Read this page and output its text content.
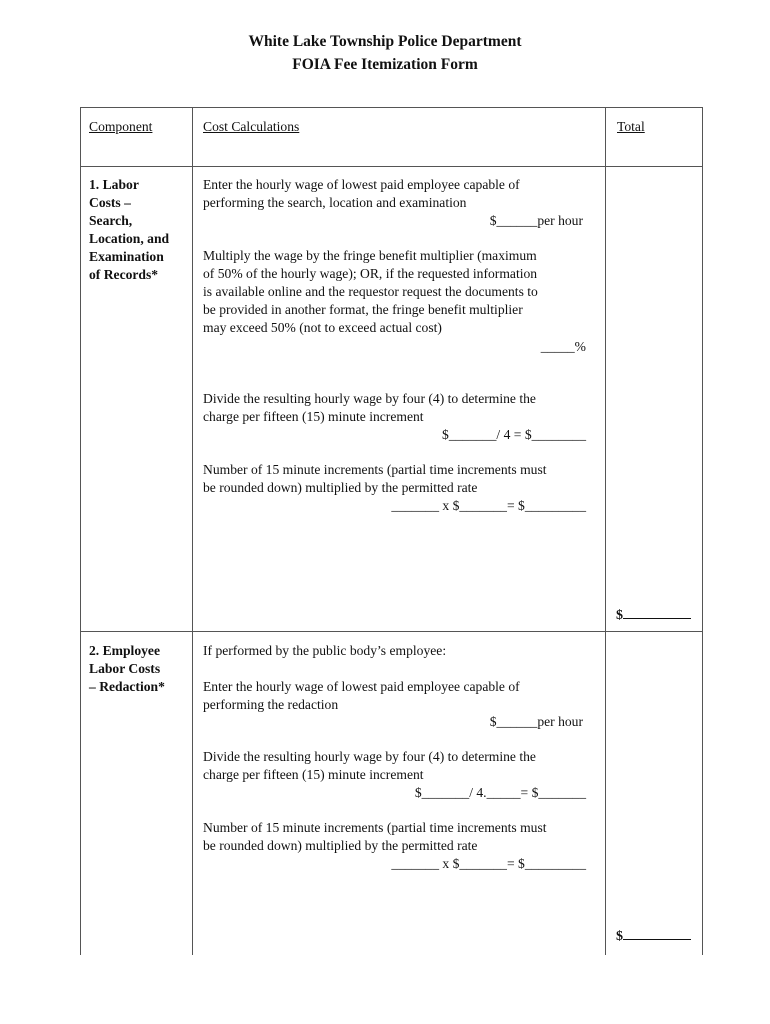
White Lake Township Police Department
FOIA Fee Itemization Form
Component	Cost Calculations	Total
1. Labor
Costs –
Search,
Location, and
Examination
of Records*
Enter the hourly wage of lowest paid employee capable of
performing the search, location and examination
$______per hour
Multiply the wage by the fringe benefit multiplier (maximum
of 50% of the hourly wage); OR, if the requested information
is available online and the requestor request the documents to
be provided in another format, the fringe benefit multiplier
may exceed 50% (not to exceed actual cost)
_____%
Divide the resulting hourly wage by four (4) to determine the
charge per fifteen (15) minute increment
$_______/ 4 = $________
Number of 15 minute increments (partial time increments must
be rounded down) multiplied by the permitted rate
_______ x $_______= $_________
$
2. Employee
Labor Costs
– Redaction*
If performed by the public body’s employee:
Enter the hourly wage of lowest paid employee capable of
performing the redaction
$______per hour
Divide the resulting hourly wage by four (4) to determine the
charge per fifteen (15) minute increment
$_______/ 4._____= $_______
Number of 15 minute increments (partial time increments must
be rounded down) multiplied by the permitted rate
_______ x $_______= $_________
$
